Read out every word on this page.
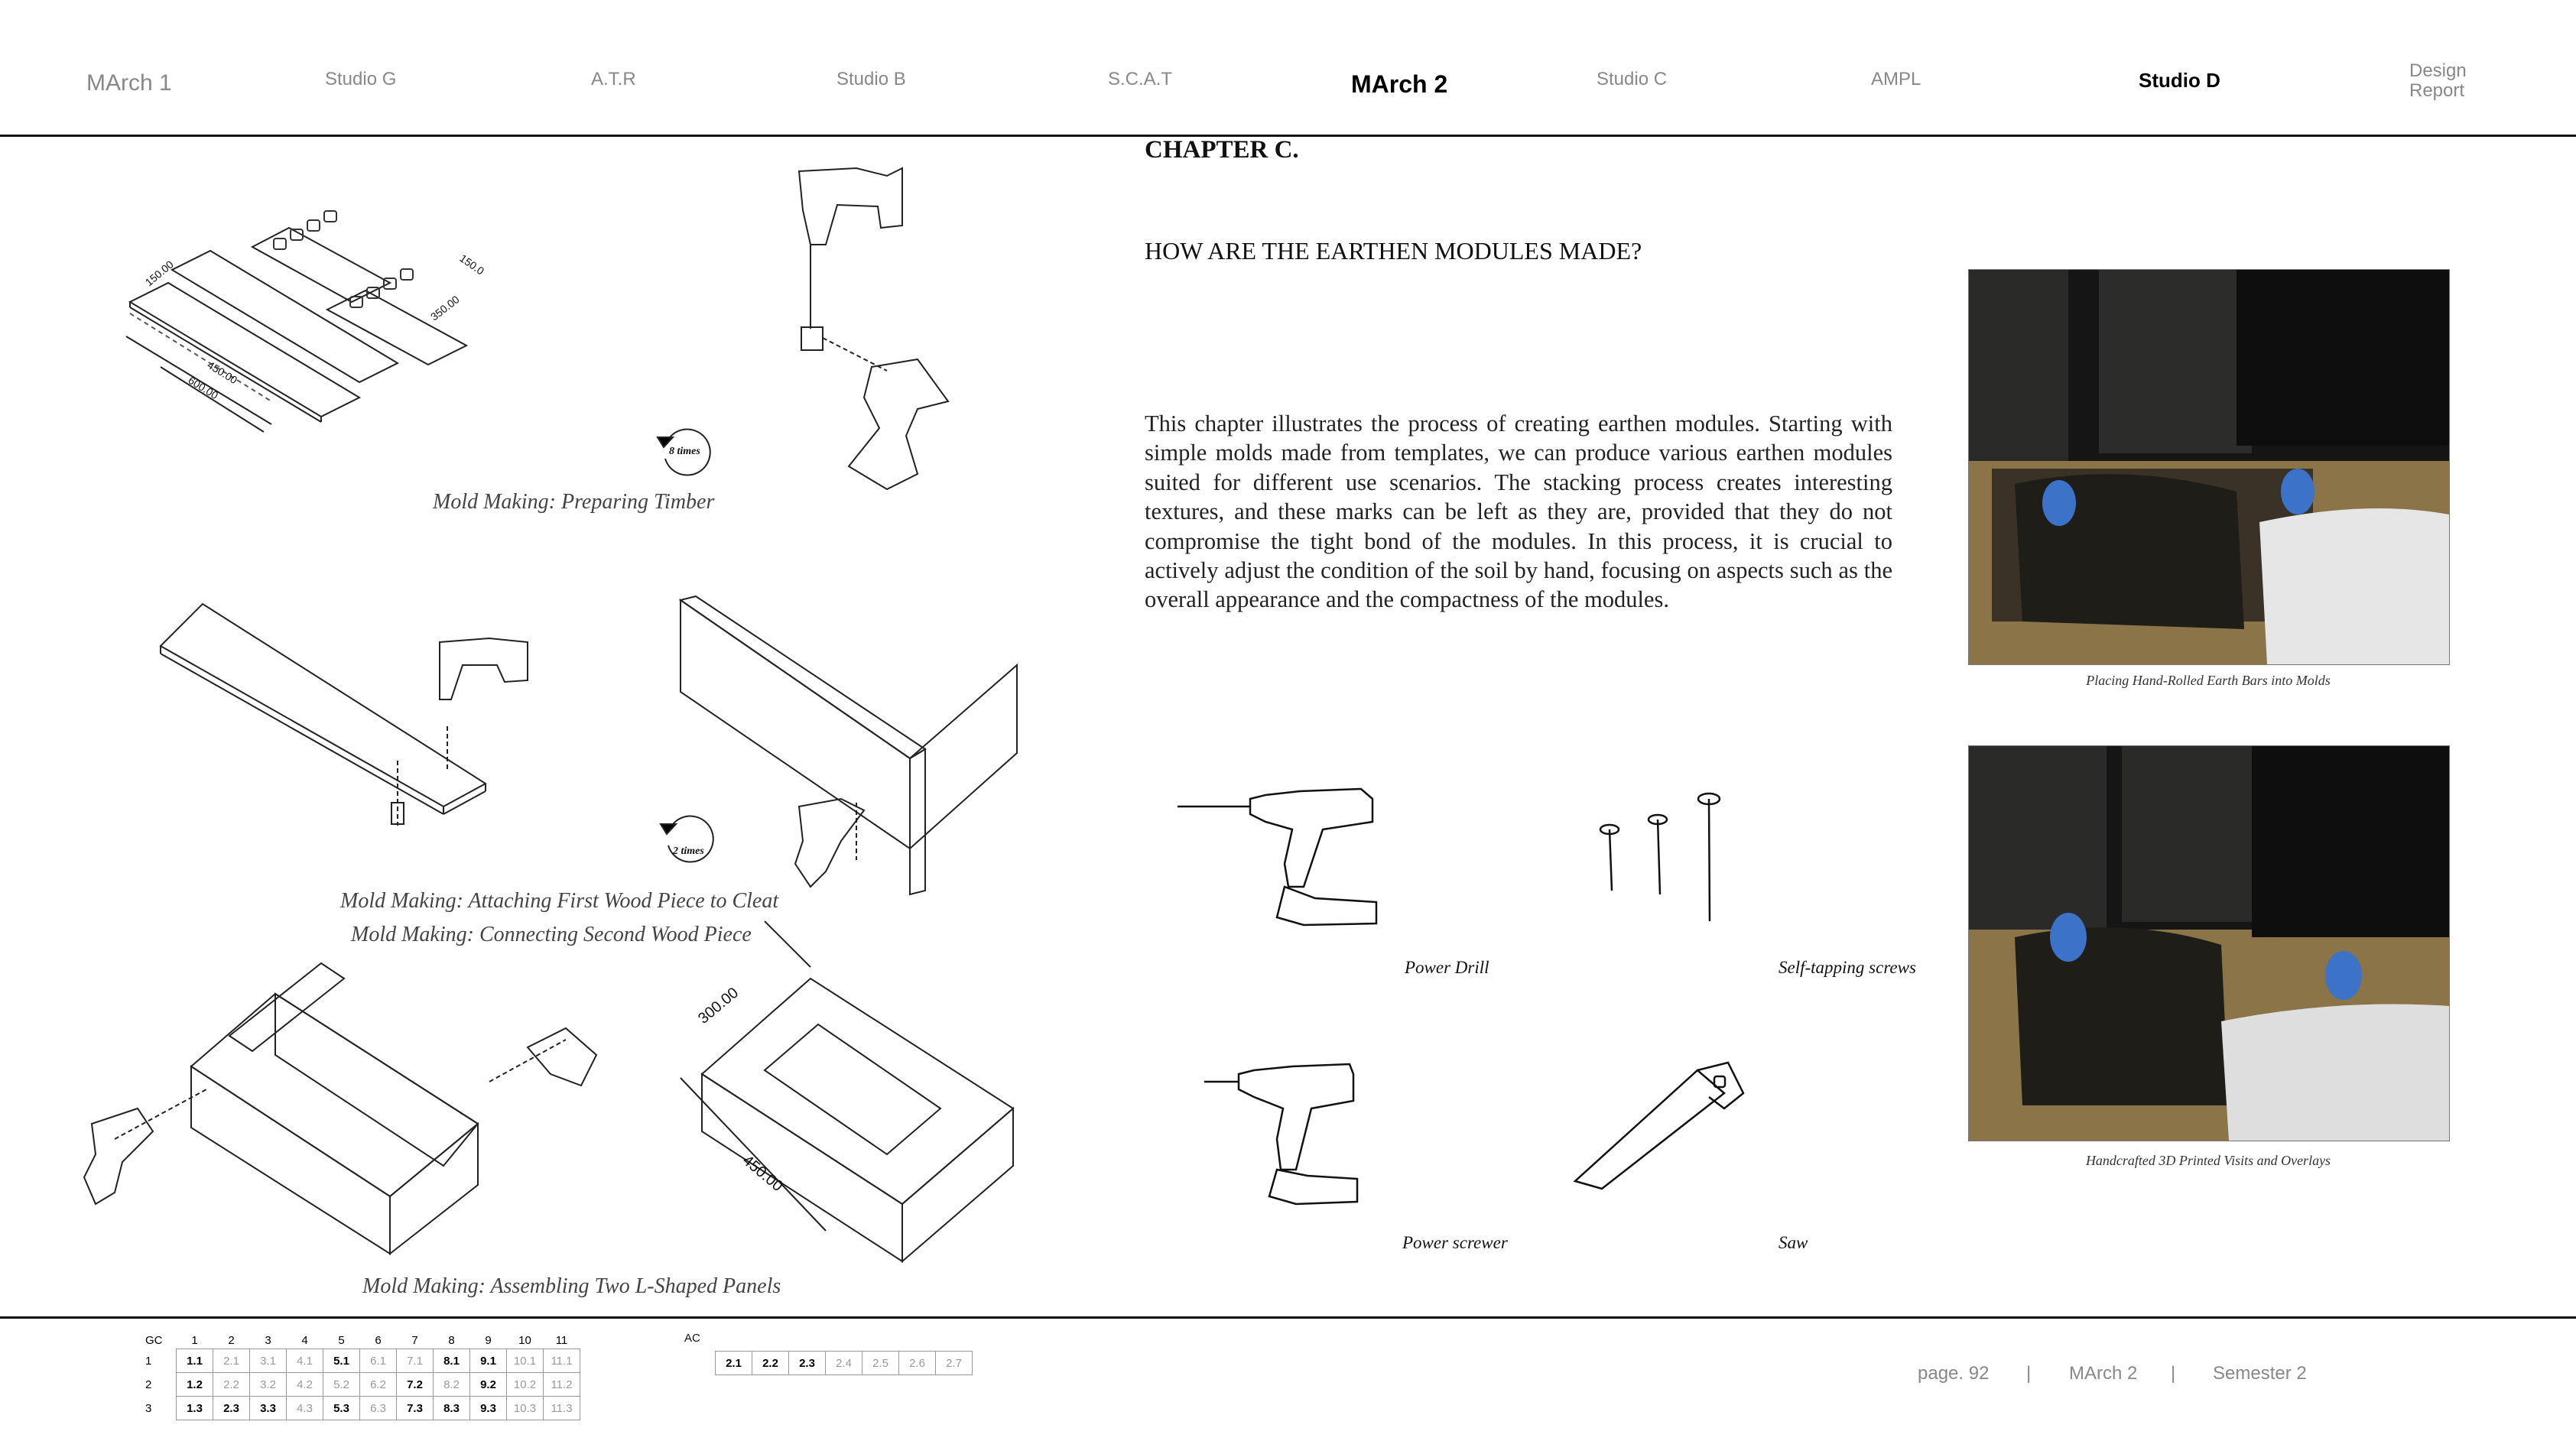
MArch 1	Studio G	A.T.R	Studio B	S.C.A.T	MArch 2	Studio C	AMPL	Studio D	Design
Report
CHAPTER C.
HOW ARE THE EARTHEN MODULES MADE?
This chapter illustrates the process of creating earthen modules. Starting with simple molds made from templates, we can produce various earthen modules suited for different use scenarios. The stacking process creates interesting textures, and these marks can be left as they are, provided that they do not compromise the tight bond of the modules. In this process, it is crucial to actively adjust the condition of the soil by hand, focusing on aspects such as the overall appearance and the compactness of the modules.
150.00	150.0
450.00
600.00
350.00
300.00
450.00
8 times
2 times
Mold Making: Preparing Timber
Mold Making: Attaching First Wood Piece to Cleat
Mold Making: Connecting Second Wood Piece
Mold Making: Assembling Two L-Shaped Panels
Power Drill	Self-tapping screws
Power screwer	Saw
Placing Hand-Rolled Earth Bars into Molds
Handcrafted 3D Printed Visits and Overlays
GC	1	2	3	4	5	6	7	8	9	10	11
1	1.1	2.1	3.1	4.1	5.1	6.1	7.1	8.1	9.1	10.1	11.1
2	1.2	2.2	3.2	4.2	5.2	6.2	7.2	8.2	9.2	10.2	11.2
3	1.3	2.3	3.3	4.3	5.3	6.3	7.3	8.3	9.3	10.3	11.3
AC
2.1	2.2	2.3	2.4	2.5	2.6	2.7	page. 92 | MArch 2 | Semester 2
